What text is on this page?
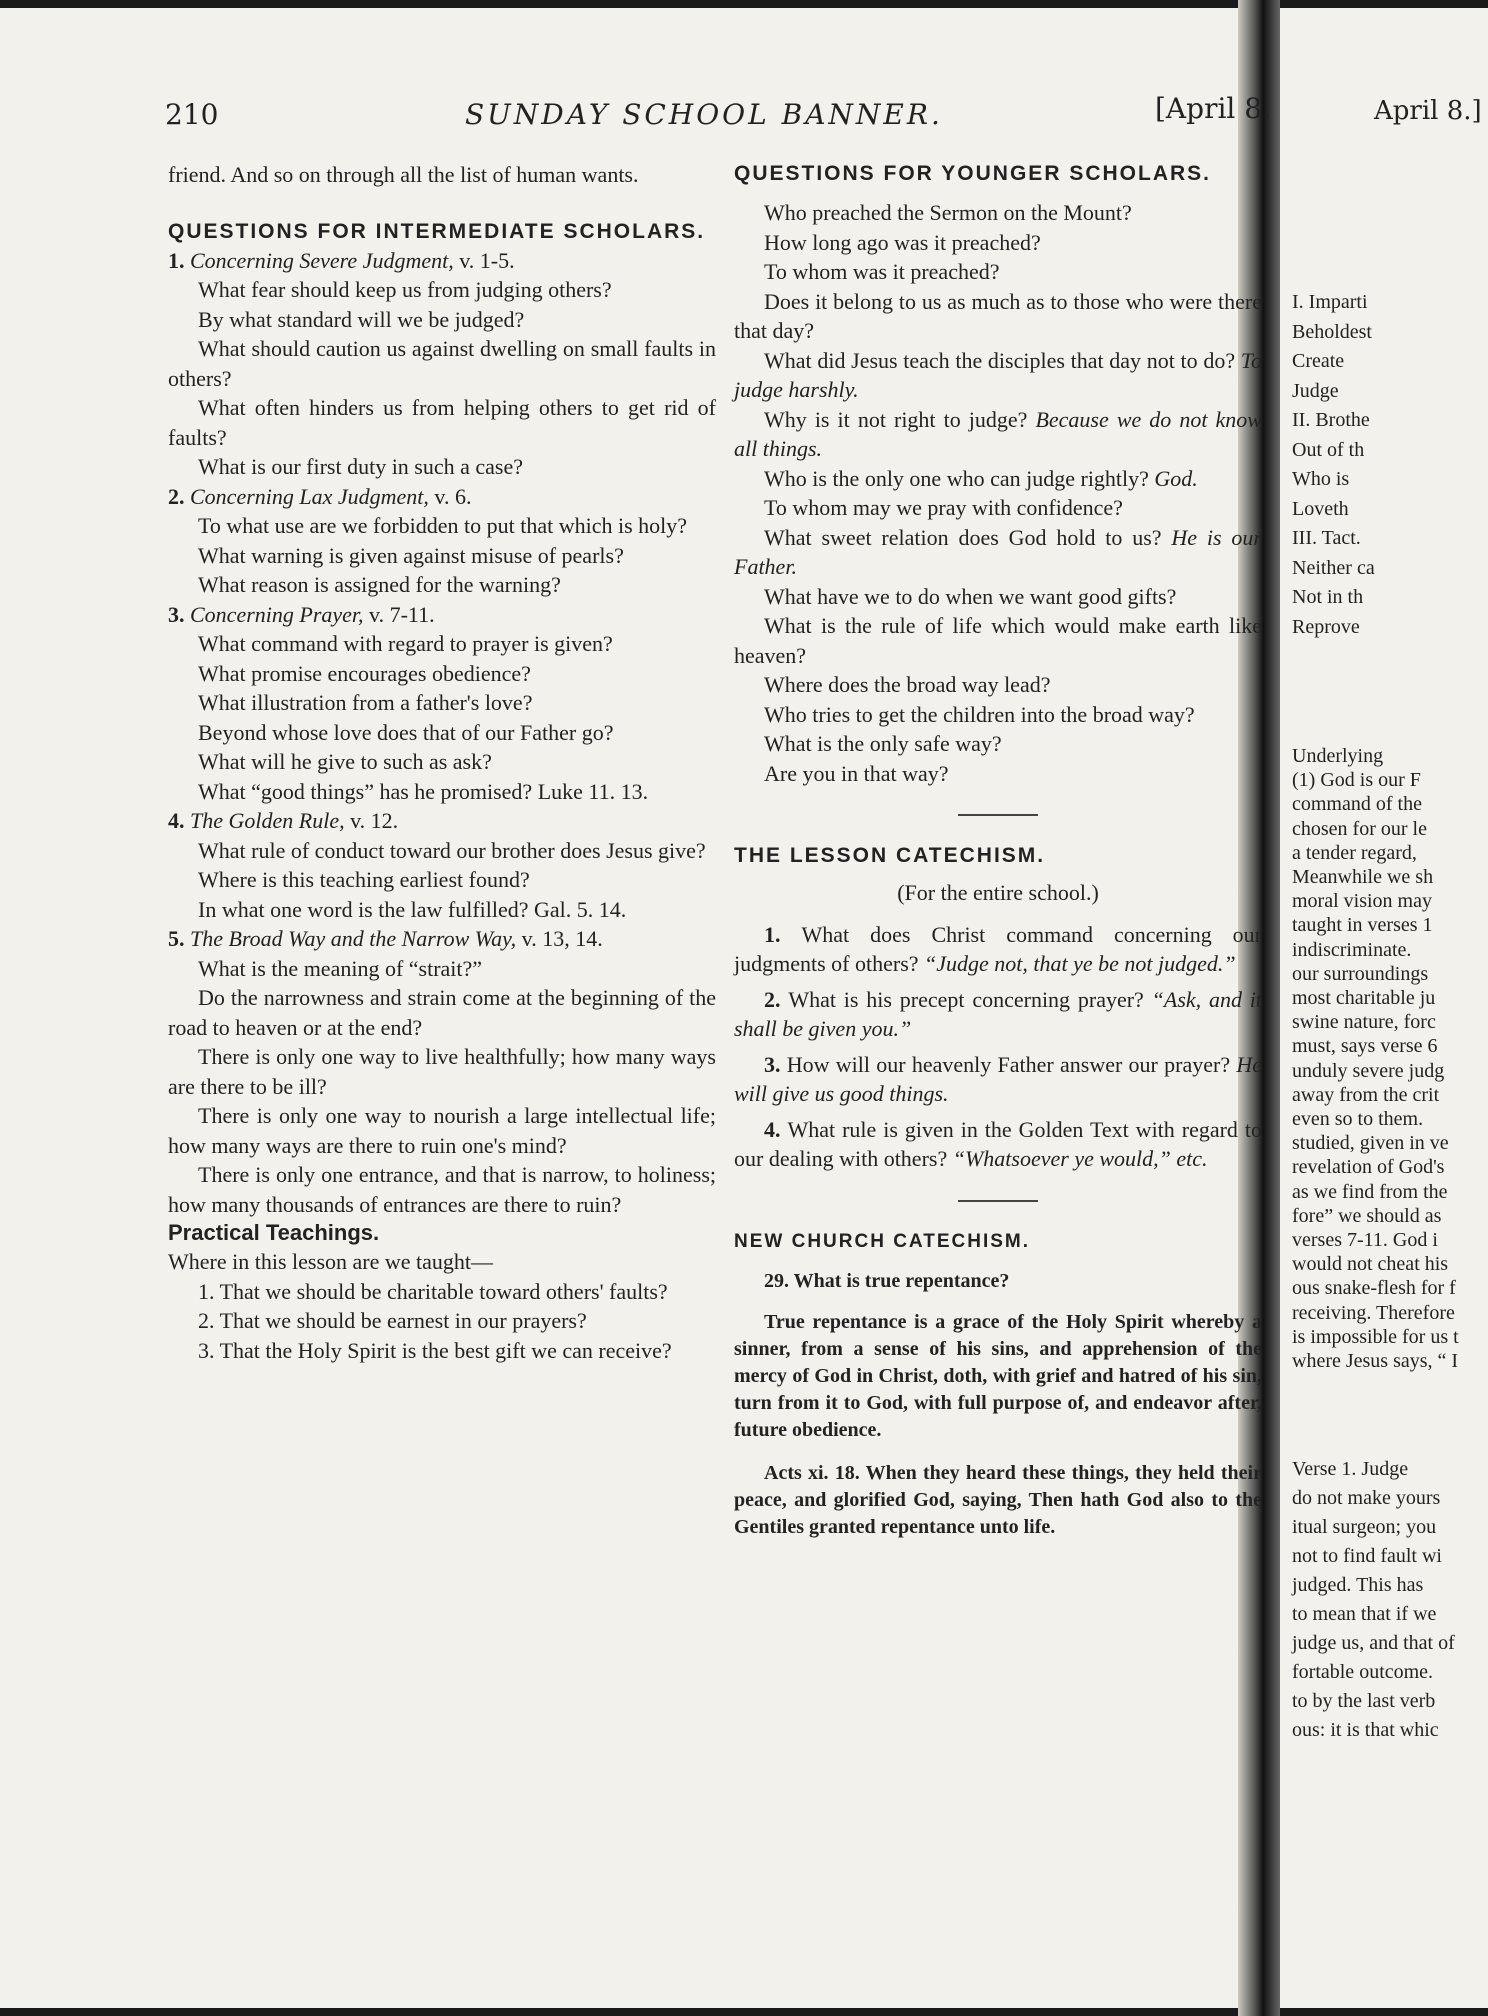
210	SUNDAY SCHOOL BANNER.	[April 8.

friend. And so on through all the list of human wants.

QUESTIONS FOR INTERMEDIATE SCHOLARS.

1. Concerning Severe Judgment, v. 1-5.

What fear should keep us from judging others?

By what standard will we be judged?

What should caution us against dwelling on small faults in others?

What often hinders us from helping others to get rid of faults?

What is our first duty in such a case?

2. Concerning Lax Judgment, v. 6.

To what use are we forbidden to put that which is holy?

What warning is given against misuse of pearls?

What reason is assigned for the warning?

3. Concerning Prayer, v. 7-11.

What command with regard to prayer is given?

What promise encourages obedience?

What illustration from a father's love?

Beyond whose love does that of our Father go?

What will he give to such as ask?

What “good things” has he promised? Luke 11. 13.

4. The Golden Rule, v. 12.

What rule of conduct toward our brother does Jesus give?

Where is this teaching earliest found?

In what one word is the law fulfilled? Gal. 5. 14.

5. The Broad Way and the Narrow Way, v. 13, 14.

What is the meaning of “strait?”

Do the narrowness and strain come at the beginning of the road to heaven or at the end?

There is only one way to live healthfully; how many ways are there to be ill?

There is only one way to nourish a large intellectual life; how many ways are there to ruin one's mind?

There is only one entrance, and that is narrow, to holiness; how many thousands of entrances are there to ruin?

Practical Teachings.

Where in this lesson are we taught—

1. That we should be charitable toward others' faults?

2. That we should be earnest in our prayers?

3. That the Holy Spirit is the best gift we can receive?

QUESTIONS FOR YOUNGER SCHOLARS.

Who preached the Sermon on the Mount?

How long ago was it preached?

To whom was it preached?

Does it belong to us as much as to those who were there that day?

What did Jesus teach the disciples that day not to do? To judge harshly.

Why is it not right to judge? Because we do not know all things.

Who is the only one who can judge rightly? God.

To whom may we pray with confidence?

What sweet relation does God hold to us? He is our Father.

What have we to do when we want good gifts?

What is the rule of life which would make earth like heaven?

Where does the broad way lead?

Who tries to get the children into the broad way?

What is the only safe way?

Are you in that way?

THE LESSON CATECHISM.

(For the entire school.)

1. What does Christ command concerning our judgments of others? “Judge not, that ye be not judged.”

2. What is his precept concerning prayer? “Ask, and it shall be given you.”

3. How will our heavenly Father answer our prayer? He will give us good things.

4. What rule is given in the Golden Text with regard to our dealing with others? “Whatsoever ye would,” etc.

NEW CHURCH CATECHISM.

29. What is true repentance?

True repentance is a grace of the Holy Spirit whereby a sinner, from a sense of his sins, and apprehension of the mercy of God in Christ, doth, with grief and hatred of his sin, turn from it to God, with full purpose of, and endeavor after, future obedience.

Acts xi. 18. When they heard these things, they held their peace, and glorified God, saying, Then hath God also to the Gentiles granted repentance unto life.

April 8.]
I. Imparti
Beholdest
Create
Judge
II. Brothe
Out of th
Who is
Loveth
III. Tact.
Neither ca
Not in th
Reprove
Underlying
(1) God is our F
command of the
chosen for our le
a tender regard,
Meanwhile we sh
moral vision may
taught in verses 1
indiscriminate.
our surroundings
most charitable ju
swine nature, forc
must, says verse 6
unduly severe judg
away from the crit
even so to them.
studied, given in ve
revelation of God's
as we find from the
fore” we should as
verses 7-11. God i
would not cheat his
ous snake-flesh for f
receiving. Therefore
is impossible for us t
where Jesus says, “ I
Verse 1. Judge
do not make yours
itual surgeon; you
not to find fault wi
judged. This has
to mean that if we
judge us, and that of
fortable outcome.
to by the last verb
ous: it is that whic
